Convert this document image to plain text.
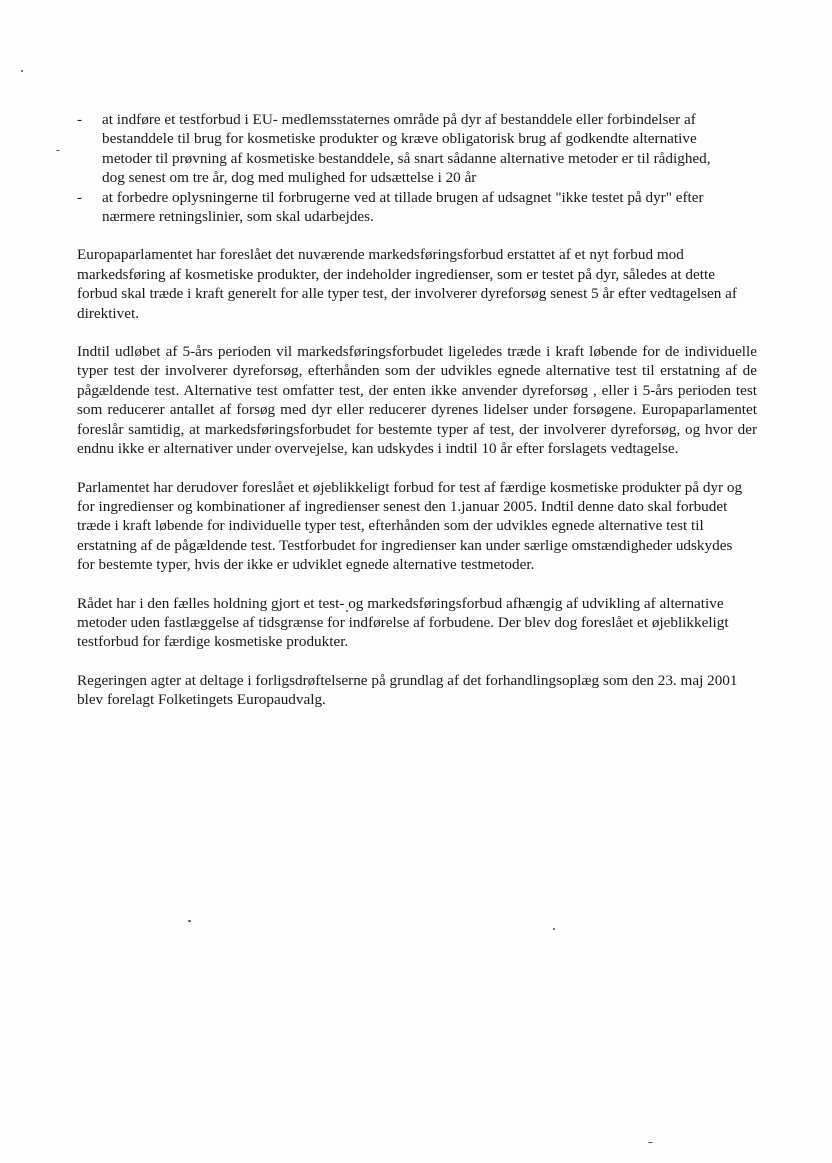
- at indføre et testforbud i EU- medlemsstaternes område på dyr af bestanddele eller forbindelser af bestanddele til brug for kosmetiske produkter og kræve obligatorisk brug af godkendte alternative metoder til prøvning af kosmetiske bestanddele, så snart sådanne alternative metoder er til rådighed, dog senest om tre år, dog med mulighed for udsættelse i 20 år
- at forbedre oplysningerne til forbrugerne ved at tillade brugen af udsagnet "ikke testet på dyr" efter nærmere retningslinier, som skal udarbejdes.

Europaparlamentet har foreslået det nuværende markedsføringsforbud erstattet af et nyt forbud mod markedsføring af kosmetiske produkter, der indeholder ingredienser, som er testet på dyr, således at dette forbud skal træde i kraft generelt for alle typer test, der involverer dyreforsøg senest 5 år efter vedtagelsen af direktivet.

Indtil udløbet af 5-års perioden vil markedsføringsforbudet ligeledes træde i kraft løbende for de individuelle typer test der involverer dyreforsøg, efterhånden som der udvikles egnede alternative test til erstatning af de pågældende test. Alternative test omfatter test, der enten ikke anvender dyreforsøg , eller i 5-års perioden test som reducerer antallet af forsøg med dyr eller reducerer dyrenes lidelser under forsøgene. Europaparlamentet foreslår samtidig, at markedsføringsforbudet for bestemte typer af test, der involverer dyreforsøg, og hvor der endnu ikke er alternativer under overvejelse, kan udskydes i indtil 10 år efter forslagets vedtagelse.

Parlamentet har derudover foreslået et øjeblikkeligt forbud for test af færdige kosmetiske produkter på dyr og for ingredienser og kombinationer af ingredienser senest den 1.januar 2005. Indtil denne dato skal forbudet træde i kraft løbende for individuelle typer test, efterhånden som der udvikles egnede alternative test til erstatning af de pågældende test. Testforbudet for ingredienser kan under særlige omstændigheder udskydes for bestemte typer, hvis der ikke er udviklet egnede alternative testmetoder.

Rådet har i den fælles holdning gjort et test- og markedsføringsforbud afhængig af udvikling af alternative metoder uden fastlæggelse af tidsgrænse for indførelse af forbudene. Der blev dog foreslået et øjeblikkeligt testforbud for færdige kosmetiske produkter.

Regeringen agter at deltage i forligsdrøftelserne på grundlag af det forhandlingsoplæg som den 23. maj 2001 blev forelagt Folketingets Europaudvalg.
